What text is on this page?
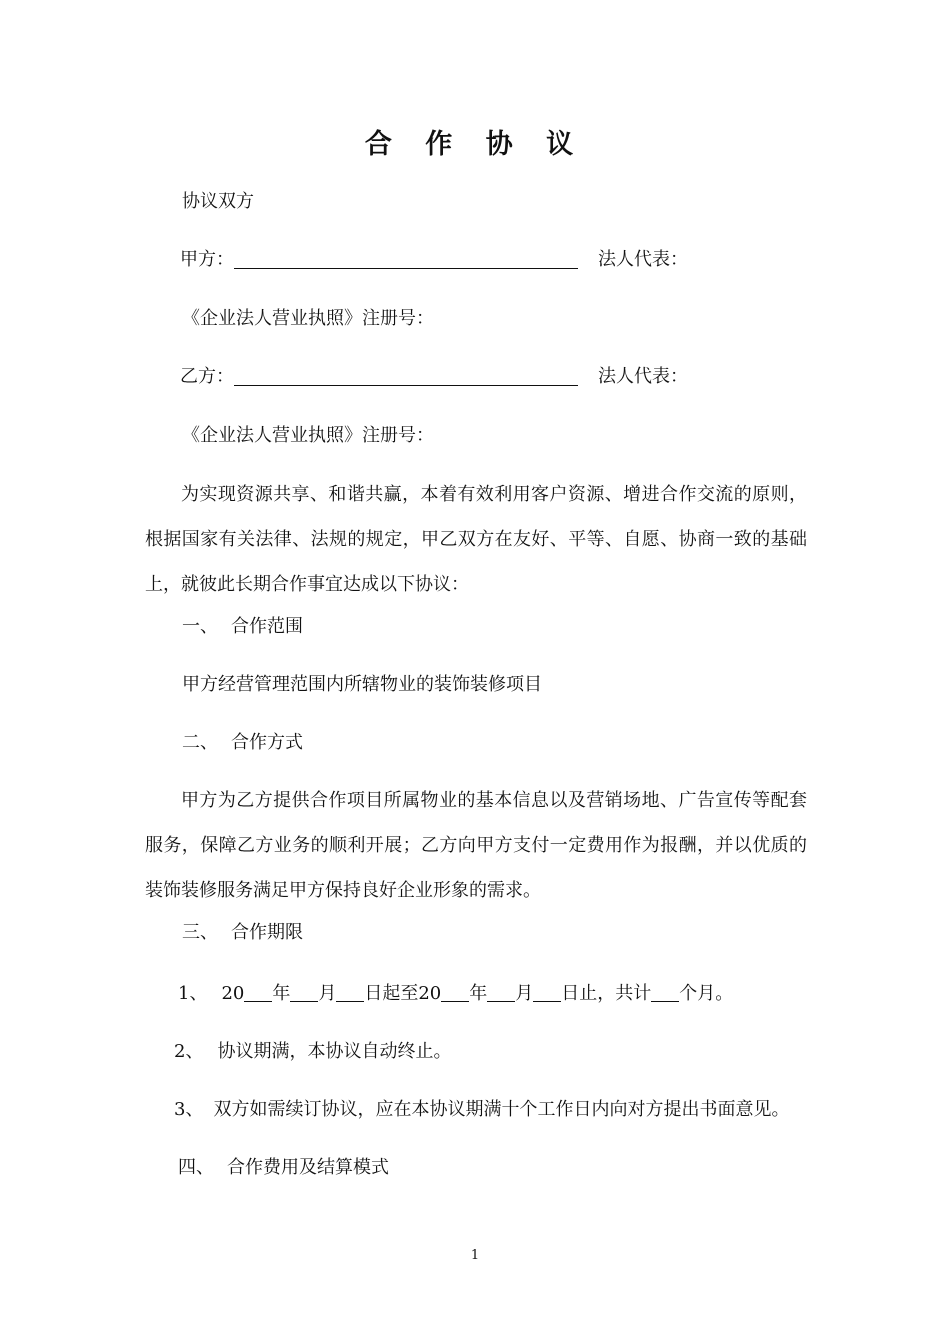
合 作 协 议
协议双方
甲方：	法人代表：
《企业法人营业执照》注册号：
乙方：	法人代表：
《企业法人营业执照》注册号：
为实现资源共享、和谐共赢，本着有效利用客户资源、增进合作交流的原则，根据国家有关法律、法规的规定，甲乙双方在友好、平等、自愿、协商一致的基础上，就彼此长期合作事宜达成以下协议：
一、 合作范围
甲方经营管理范围内所辖物业的装饰装修项目
二、 合作方式
甲方为乙方提供合作项目所属物业的基本信息以及营销场地、广告宣传等配套服务，保障乙方业务的顺利开展；乙方向甲方支付一定费用作为报酬，并以优质的装饰装修服务满足甲方保持良好企业形象的需求。
三、 合作期限
1、 20 年 月 日起至20 年 月 日止，共计 个月。
2、 协议期满，本协议自动终止。
3、 双方如需续订协议，应在本协议期满十个工作日内向对方提出书面意见。
四、 合作费用及结算模式
1
